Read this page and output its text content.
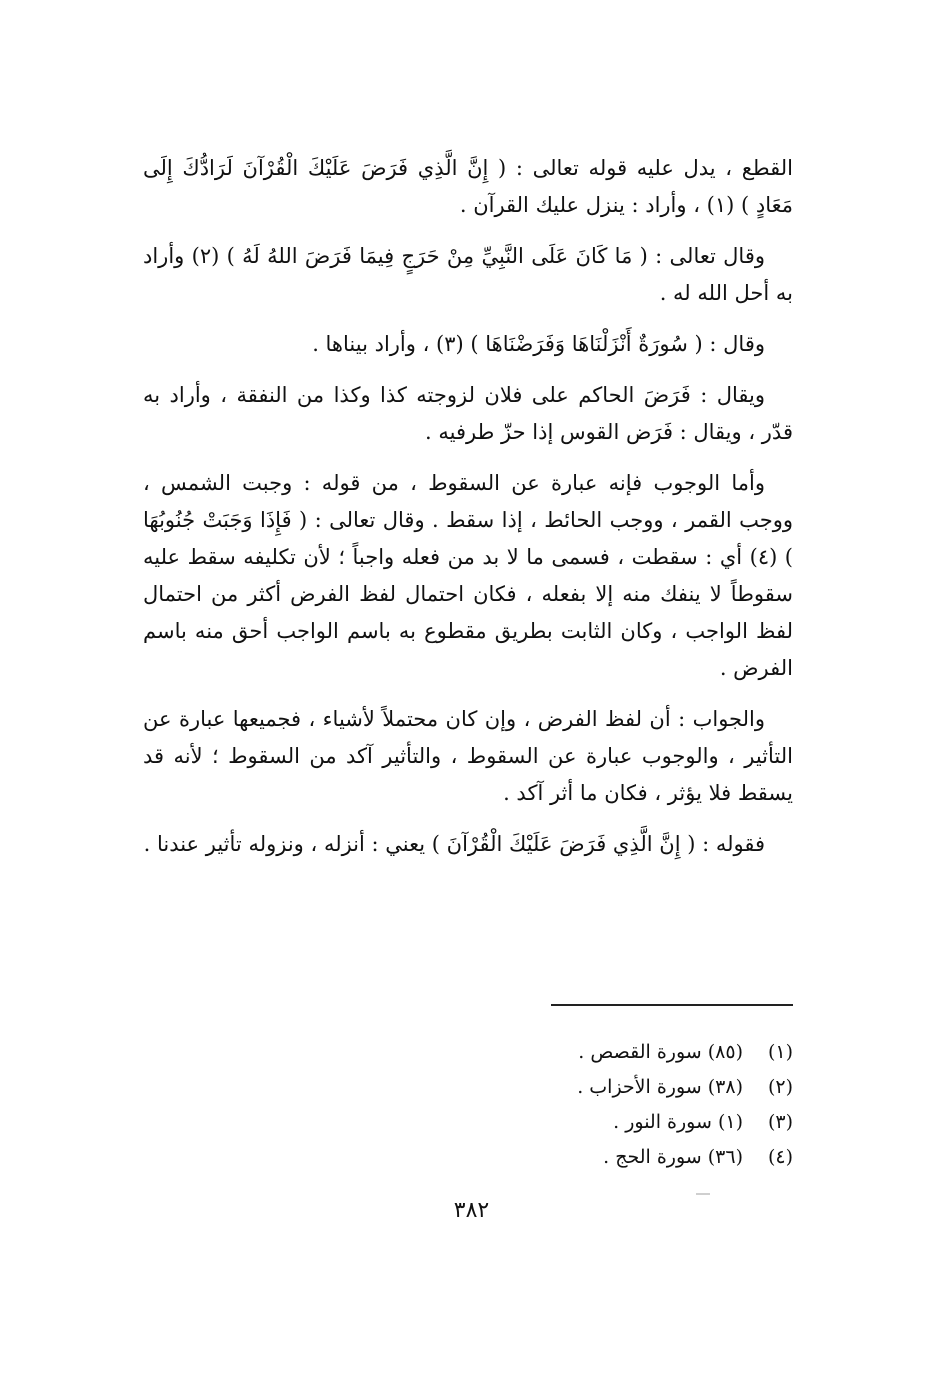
القطع ، يدل عليه قوله تعالى : ( إِنَّ الَّذِي فَرَضَ عَلَيْكَ الْقُرْآنَ لَرَادُّكَ إِلَى مَعَادٍ ) (١) ، وأراد : ينزل عليك القرآن .

وقال تعالى : ( مَا كَانَ عَلَى النَّبِيِّ مِنْ حَرَجٍ فِيمَا فَرَضَ اللهُ لَهُ ) (٢) وأراد به أحل الله له .

وقال : ( سُورَةٌ أَنْزَلْنَاهَا وَفَرَضْنَاهَا ) (٣) ، وأراد بيناها .

ويقال : فَرَضَ الحاكم على فلان لزوجته كذا وكذا من النفقة ، وأراد به قدّر ، ويقال : فَرَض القوس إذا حزّ طرفيه .

وأما الوجوب فإنه عبارة عن السقوط ، من قوله : وجبت الشمس ، ووجب القمر ، ووجب الحائط ، إذا سقط . وقال تعالى : ( فَإِذَا وَجَبَتْ جُنُوبُهَا ) (٤) أي : سقطت ، فسمى ما لا بد من فعله واجباً ؛ لأن تكليفه سقط عليه سقوطاً لا ينفك منه إلا بفعله ، فكان احتمال لفظ الفرض أكثر من احتمال لفظ الواجب ، وكان الثابت بطريق مقطوع به باسم الواجب أحق منه باسم الفرض .

والجواب : أن لفظ الفرض ، وإن كان محتملاً لأشياء ، فجميعها عبارة عن التأثير ، والوجوب عبارة عن السقوط ، والتأثير آكد من السقوط ؛ لأنه قد يسقط فلا يؤثر ، فكان ما أثر آكد .

فقوله : ( إِنَّ الَّذِي فَرَضَ عَلَيْكَ الْقُرْآنَ ) يعني : أنزله ، ونزوله تأثير عندنا .

(١)
(٨٥) سورة القصص .
(٢)
(٣٨) سورة الأحزاب .
(٣)
(١) سورة النور .
(٤)
(٣٦) سورة الحج .
٣٨٢
